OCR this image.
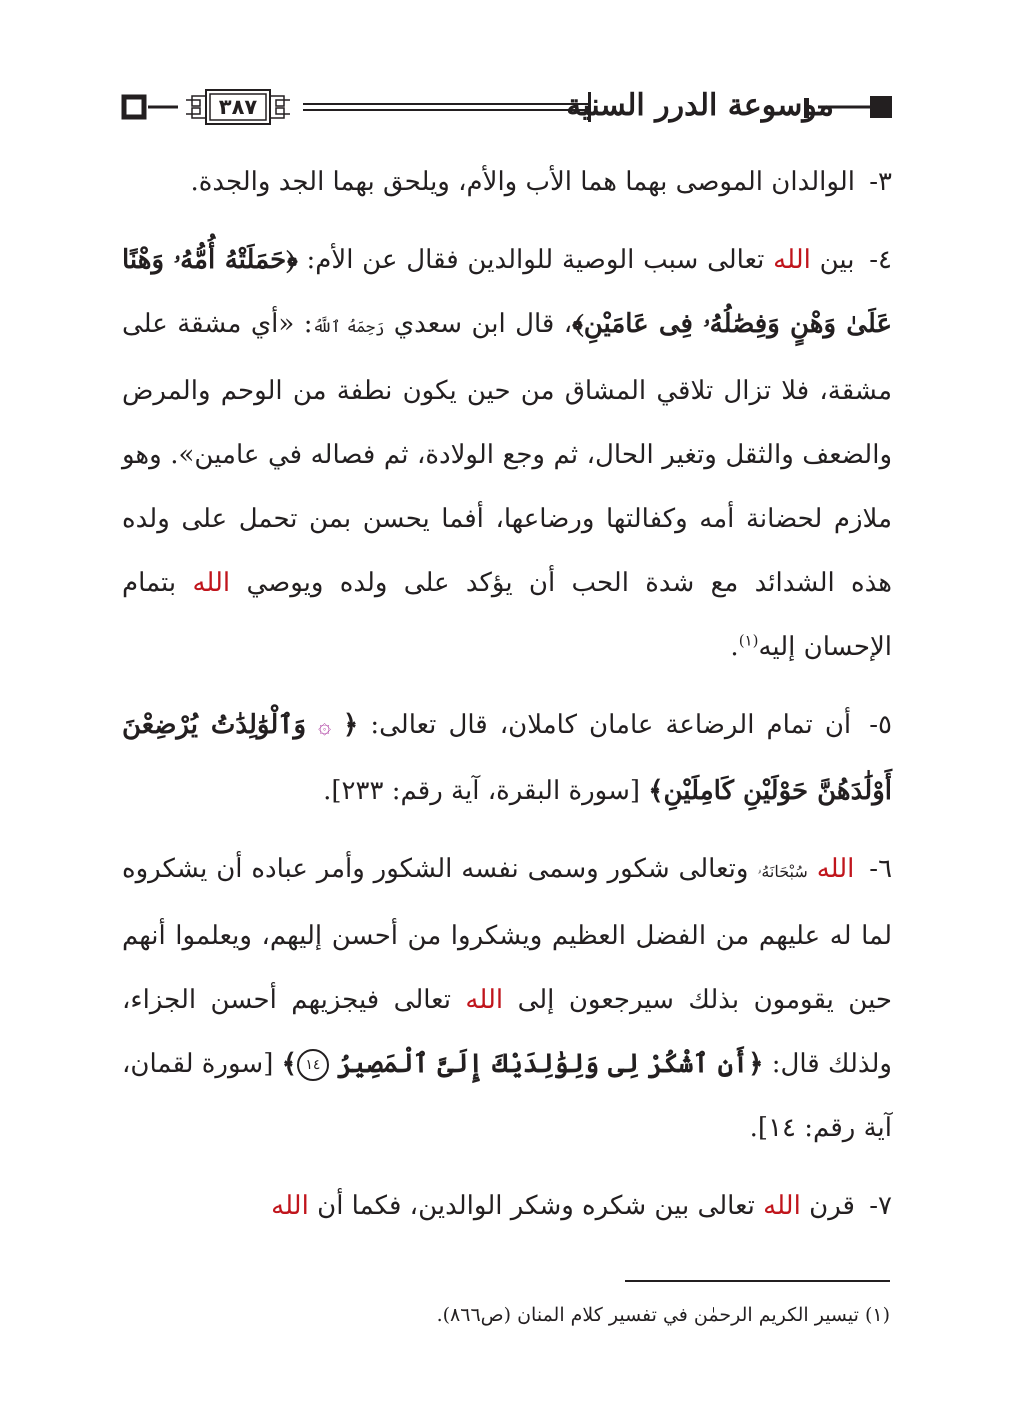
موسوعة الدرر السنية
٣٨٧

٣- الوالدان الموصى بهما هما الأب والأم، ويلحق بهما الجد والجدة.

٤- بين الله تعالى سبب الوصية للوالدين فقال عن الأم: ﴿حَمَلَتْهُ أُمُّهُۥ وَهْنًا عَلَىٰ وَهْنٍ وَفِصَٰلُهُۥ فِى عَامَيْنِ﴾، قال ابن سعدي رَحِمَهُ ٱللَّهُ: «أي مشقة على مشقة، فلا تزال تلاقي المشاق من حين يكون نطفة من الوحم والمرض والضعف والثقل وتغير الحال، ثم وجع الولادة، ثم فصاله في عامين». وهو ملازم لحضانة أمه وكفالتها ورضاعها، أفما يحسن بمن تحمل على ولده هذه الشدائد مع شدة الحب أن يؤكد على ولده ويوصي الله بتمام الإحسان إليه$^{(١)}$.

٥- أن تمام الرضاعة عامان كاملان، قال تعالى: ﴿ ۞ وَٱلْوَٰلِدَٰتُ يُرْضِعْنَ أَوْلَٰدَهُنَّ حَوْلَيْنِ كَامِلَيْنِ﴾ [سورة البقرة، آية رقم: ٢٣٣].

٦- الله سُبْحَانَهُۥ وتعالى شكور وسمى نفسه الشكور وأمر عباده أن يشكروه لما له عليهم من الفضل العظيم ويشكروا من أحسن إليهم، ويعلموا أنهم حين يقومون بذلك سيرجعون إلى الله تعالى فيجزيهم أحسن الجزاء، ولذلك قال: ﴿أَنِ ٱشْكُرْ لِى وَلِوَٰلِدَيْكَ إِلَىَّ ٱلْمَصِيرُ ١٤﴾ [سورة لقمان، آية رقم: ١٤].

٧- قرن الله تعالى بين شكره وشكر الوالدين، فكما أن الله

(١) تيسير الكريم الرحمٰن في تفسير كلام المنان (ص٨٦٦).
